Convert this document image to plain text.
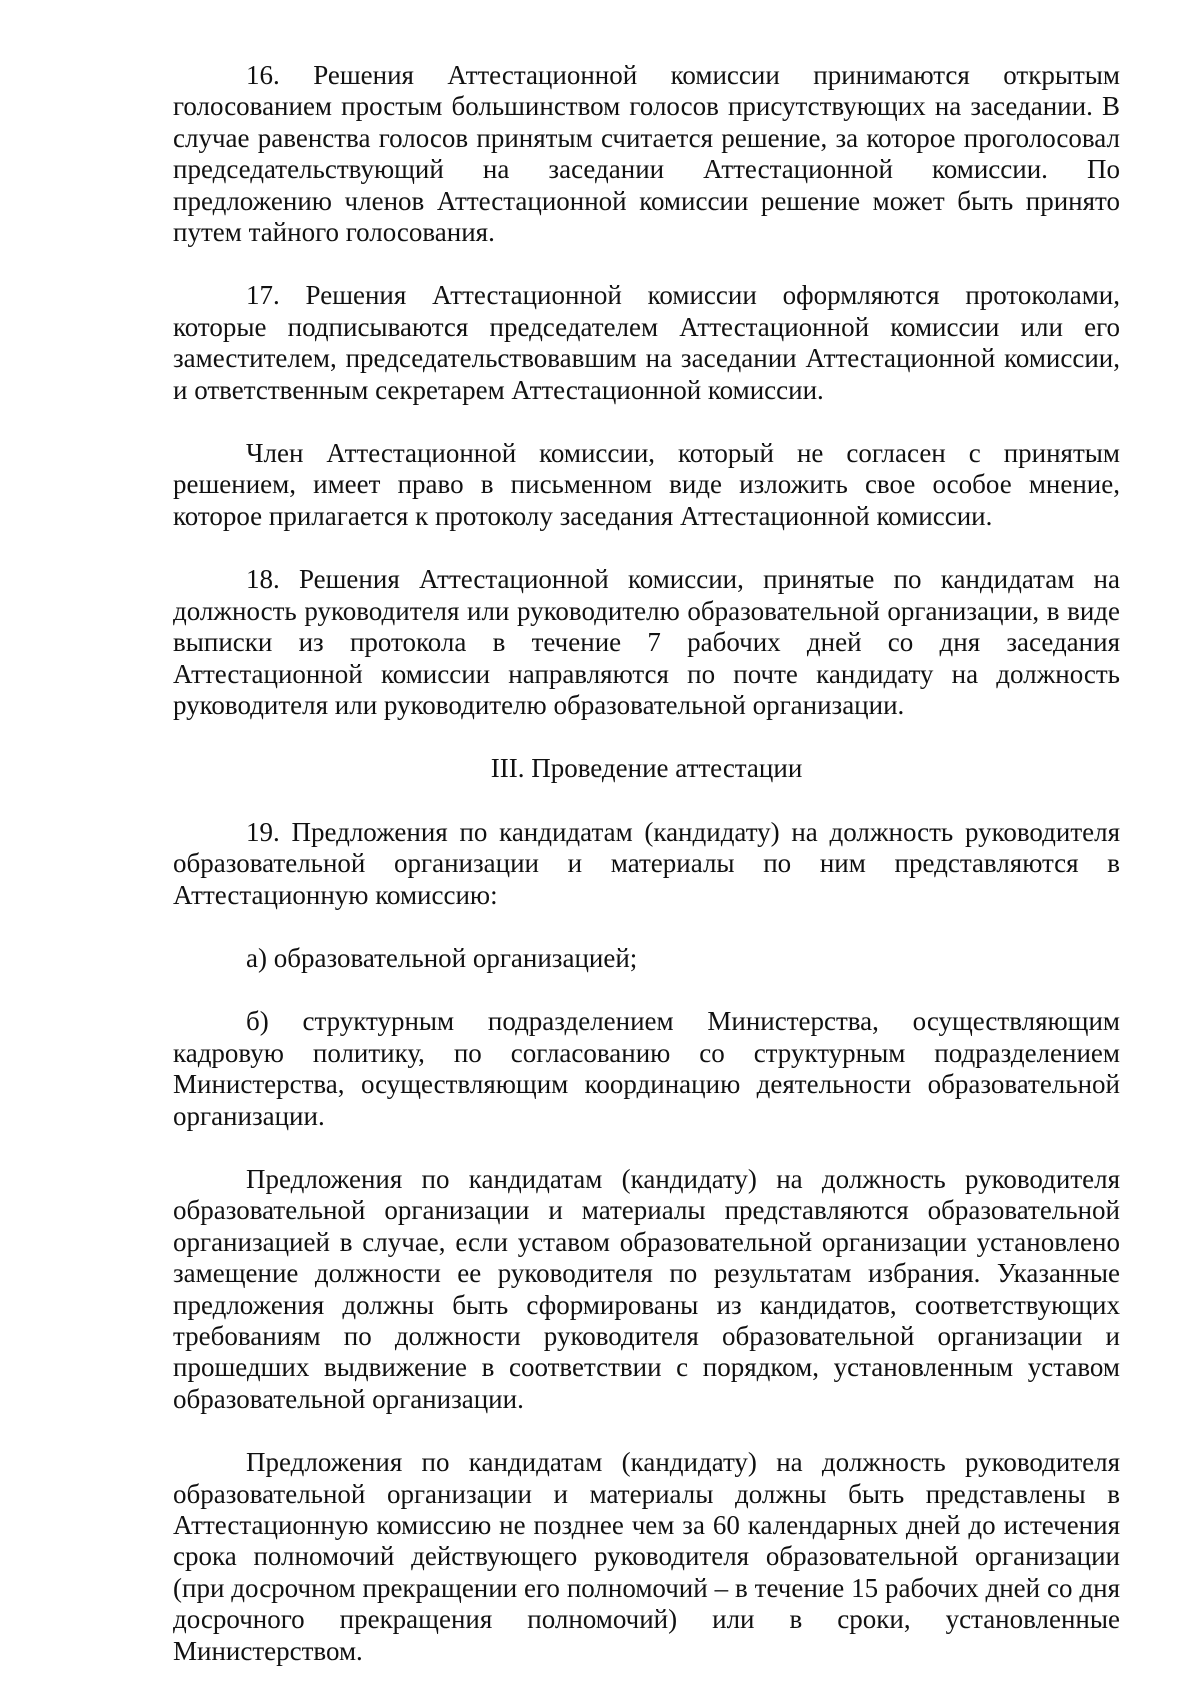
16. Решения Аттестационной комиссии принимаются открытым голосованием простым большинством голосов присутствующих на заседании. В случае равенства голосов принятым считается решение, за которое проголосовал председательствующий на заседании Аттестационной комиссии. По предложению членов Аттестационной комиссии решение может быть принято путем тайного голосования.

17. Решения Аттестационной комиссии оформляются протоколами, которые подписываются председателем Аттестационной комиссии или его заместителем, председательствовавшим на заседании Аттестационной комиссии, и ответственным секретарем Аттестационной комиссии.

Член Аттестационной комиссии, который не согласен с принятым решением, имеет право в письменном виде изложить свое особое мнение, которое прилагается к протоколу заседания Аттестационной комиссии.

18. Решения Аттестационной комиссии, принятые по кандидатам на должность руководителя или руководителю образовательной организации, в виде выписки из протокола в течение 7 рабочих дней со дня заседания Аттестационной комиссии направляются по почте кандидату на должность руководителя или руководителю образовательной организации.

III. Проведение аттестации

19. Предложения по кандидатам (кандидату) на должность руководителя образовательной организации и материалы по ним представляются в Аттестационную комиссию:

а) образовательной организацией;

б) структурным подразделением Министерства, осуществляющим кадровую политику, по согласованию со структурным подразделением Министерства, осуществляющим координацию деятельности образовательной организации.

Предложения по кандидатам (кандидату) на должность руководителя образовательной организации и материалы представляются образовательной организацией в случае, если уставом образовательной организации установлено замещение должности ее руководителя по результатам избрания. Указанные предложения должны быть сформированы из кандидатов, соответствующих требованиям по должности руководителя образовательной организации и прошедших выдвижение в соответствии с порядком, установленным уставом образовательной организации.

Предложения по кандидатам (кандидату) на должность руководителя образовательной организации и материалы должны быть представлены в Аттестационную комиссию не позднее чем за 60 календарных дней до истечения срока полномочий действующего руководителя образовательной организации (при досрочном прекращении его полномочий – в течение 15 рабочих дней со дня досрочного прекращения полномочий) или в сроки, установленные Министерством.
